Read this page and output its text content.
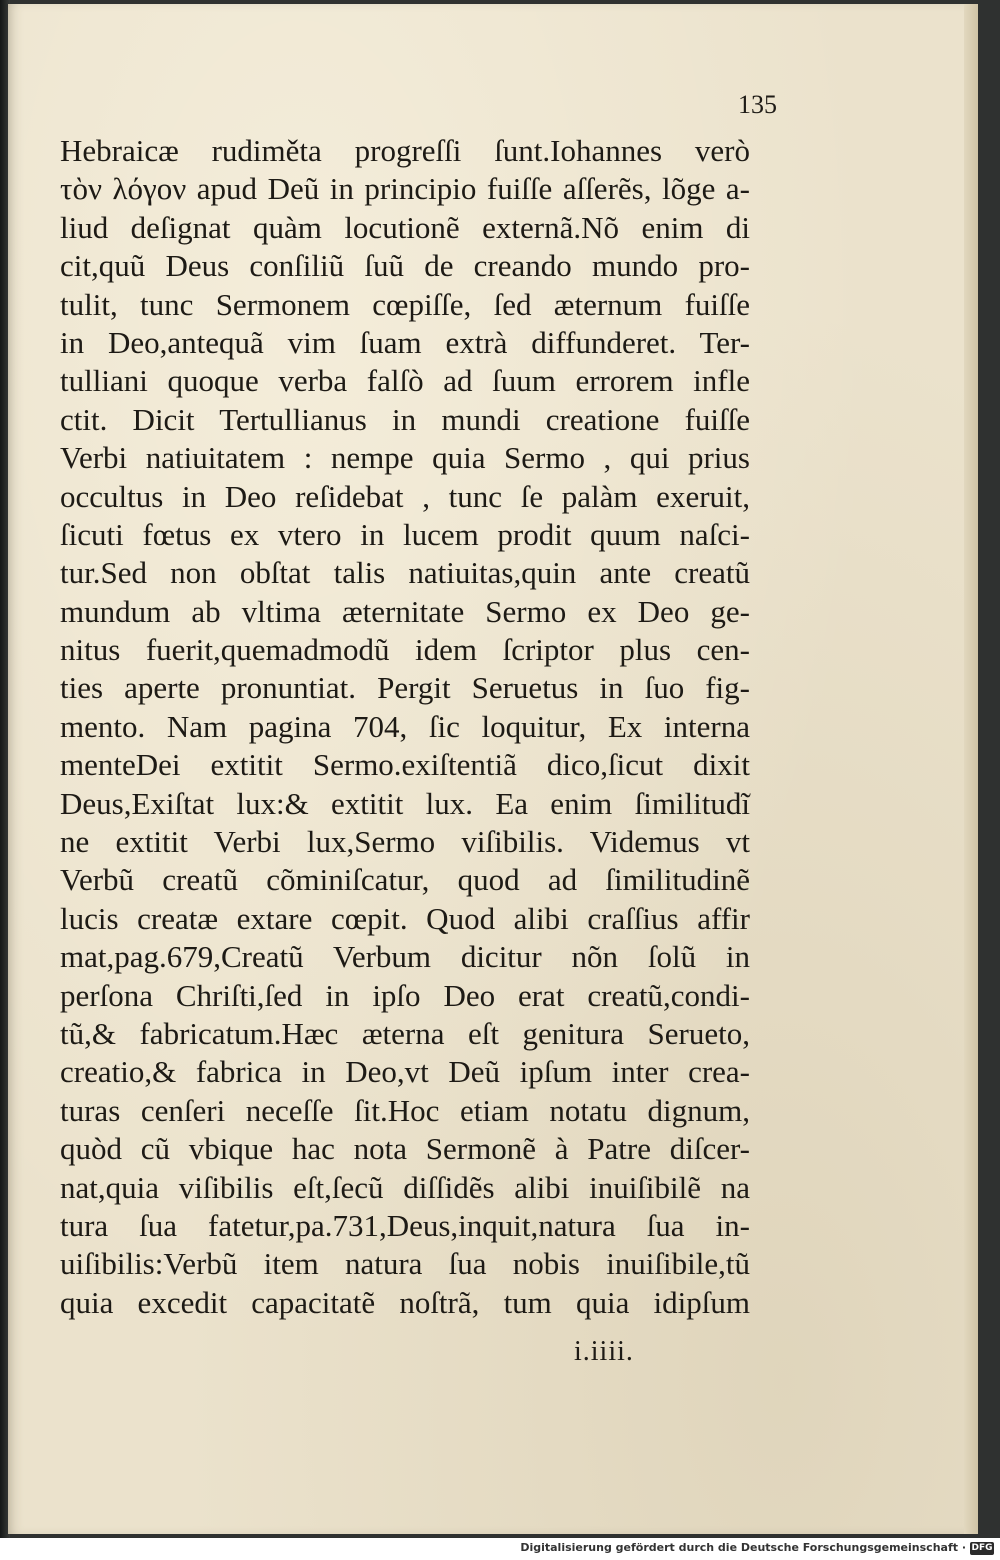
135
Hebraicæ rudiměta progreſſi ſunt.Iohannes verò
τὸν λόγον apud Deũ in principio fuiſſe aſſerẽs, lõge a-
liud deſignat quàm locutionẽ externã.Nõ enim di
cit,quũ Deus conſiliũ ſuũ de creando mundo pro-
tulit, tunc Sermonem cœpiſſe, ſed æternum fuiſſe
in Deo,antequã vim ſuam extrà diffunderet. Ter-
tulliani quoque verba falſò ad ſuum errorem infle
ctit. Dicit Tertullianus in mundi creatione fuiſſe
Verbi natiuitatem : nempe quia Sermo , qui prius
occultus in Deo reſidebat , tunc ſe palàm exeruit,
ſicuti fœtus ex vtero in lucem prodit quum naſci-
tur.Sed non obſtat talis natiuitas,quin ante creatũ
mundum ab vltima æternitate Sermo ex Deo ge-
nitus fuerit,quemadmodũ idem ſcriptor plus cen-
ties aperte pronuntiat. Pergit Seruetus in ſuo fig-
mento. Nam pagina 704, ſic loquitur, Ex interna
menteDei extitit Sermo.exiſtentiã dico,ſicut dixit
Deus,Exiſtat lux:& extitit lux. Ea enim ſimilitudĩ
ne extitit Verbi lux,Sermo viſibilis. Videmus vt
Verbũ creatũ cõminiſcatur, quod ad ſimilitudinẽ
lucis creatæ extare cœpit. Quod alibi craſſius affir
mat,pag.679,Creatũ Verbum dicitur nõn ſolũ in
perſona Chriſti,ſed in ipſo Deo erat creatũ,condi-
tũ,& fabricatum.Hæc æterna eſt genitura Serueto,
creatio,& fabrica in Deo,vt Deũ ipſum inter crea-
turas cenſeri neceſſe ſit.Hoc etiam notatu dignum,
quòd cũ vbique hac nota Sermonẽ à Patre diſcer-
nat,quia viſibilis eſt,ſecũ diſſidẽs alibi inuiſibilẽ na
tura ſua fatetur,pa.731,Deus,inquit,natura ſua in-
uiſibilis:Verbũ item natura ſua nobis inuiſibile,tũ
quia excedit capacitatẽ noſtrã, tum quia idipſum
i.iiii.
Digitalisierung gefördert durch die Deutsche Forschungsgemeinschaft · DFG
